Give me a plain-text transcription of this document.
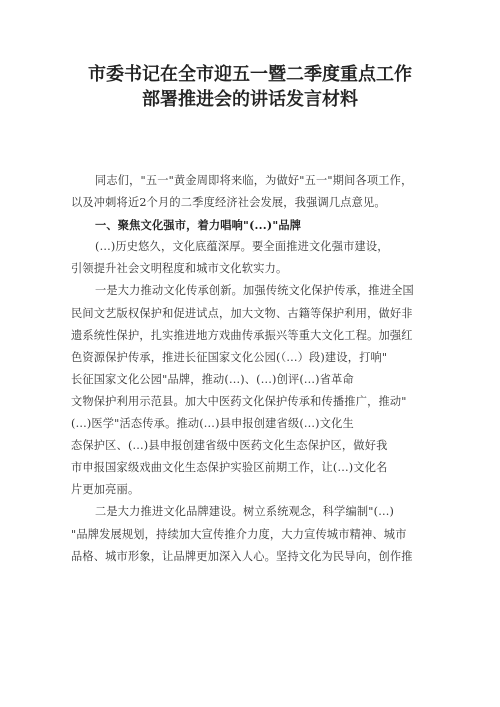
市委书记在全市迎五一暨二季度重点工作
部署推进会的讲话发言材料
同志们，"五一"黄金周即将来临，为做好"五一"期间各项工作，
以及冲刺将近2个月的二季度经济社会发展，我强调几点意见。
一、聚焦文化强市，着力唱响"(...)"品牌
(...)历史悠久，文化底蕴深厚。要全面推进文化强市建设，
引领提升社会文明程度和城市文化软实力。
一是大力推动文化传承创新。加强传统文化保护传承，推进全国
民间文艺版权保护和促进试点，加大文物、古籍等保护利用，做好非
遗系统性保护，扎实推进地方戏曲传承振兴等重大文化工程。加强红
色资源保护传承，推进长征国家文化公园(（...）段)建设，打响"
长征国家文化公园"品牌，推动(...)、(...)创评(...)省革命
文物保护利用示范县。加大中医药文化保护传承和传播推广，推动"
(...)医学"活态传承。推动(...)县申报创建省级(...)文化生
态保护区、(...)县申报创建省级中医药文化生态保护区，做好我
市申报国家级戏曲文化生态保护实验区前期工作，让(...)文化名
片更加亮丽。
二是大力推进文化品牌建设。树立系统观念，科学编制"(...)
"品牌发展规划，持续加大宣传推介力度，大力宣传城市精神、城市
品格、城市形象，让品牌更加深入人心。坚持文化为民导向，创作推
